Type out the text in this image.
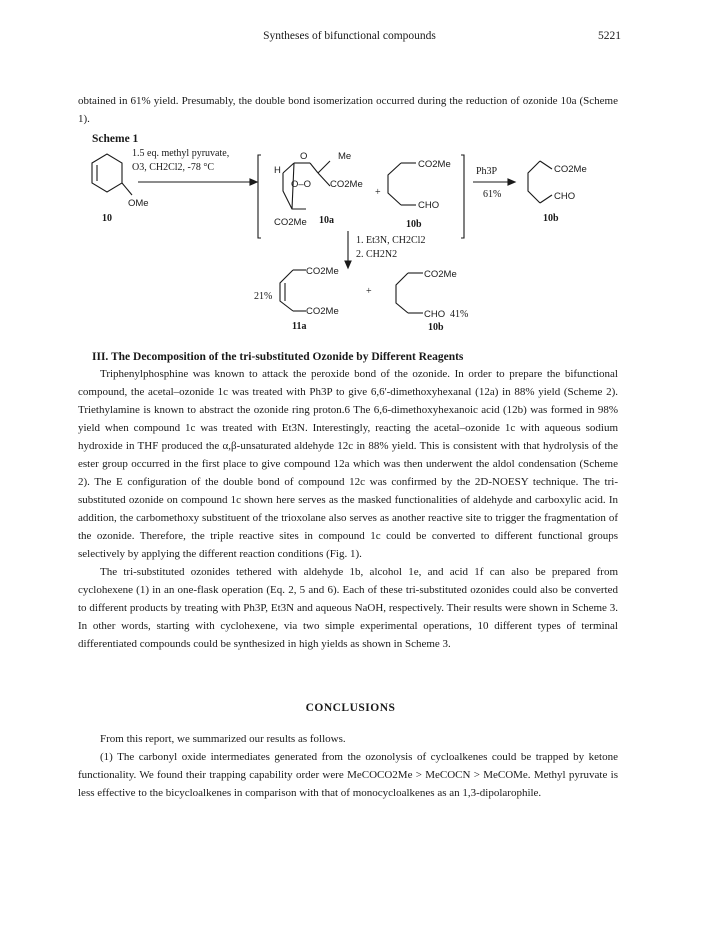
Syntheses of bifunctional compounds	5221

obtained in 61% yield. Presumably, the double bond isomerization occurred during the reduction of ozonide 10a (Scheme 1).

Scheme 1
1.5 eq. methyl pyruvate,
O3, CH2Cl2, -78 °C
OMe
10
Me
O
H
O–O CO2Me
CO2Me 10a
+
CO2Me
CHO
10b
Ph3P
61%
CO2Me
CHO
10b
1. Et3N, CH2Cl2
2. CH2N2
CO2Me
21%
CO2Me
11a
+
CO2Me
CHO 41%
10b
III. The Decomposition of the tri-substituted Ozonide by Different Reagents

Triphenylphosphine was known to attack the peroxide bond of the ozonide. In order to prepare the bifunctional compound, the acetal–ozonide 1c was treated with Ph3P to give 6,6'-dimethoxyhexanal (12a) in 88% yield (Scheme 2). Triethylamine is known to abstract the ozonide ring proton.6 The 6,6-dimethoxyhexanoic acid (12b) was formed in 98% yield when compound 1c was treated with Et3N. Interestingly, reacting the acetal–ozonide 1c with aqueous sodium hydroxide in THF produced the α,β-unsaturated aldehyde 12c in 88% yield. This is consistent with that hydrolysis of the ester group occurred in the first place to give compound 12a which was then underwent the aldol condensation (Scheme 2). The E configuration of the double bond of compound 12c was confirmed by the 2D-NOESY technique. The tri-substituted ozonide on compound 1c shown here serves as the masked functionalities of aldehyde and carboxylic acid. In addition, the carbomethoxy substituent of the trioxolane also serves as another reactive site to trigger the fragmentation of the ozonide. Therefore, the triple reactive sites in compound 1c could be converted to different functional groups selectively by applying the different reaction conditions (Fig. 1).

The tri-substituted ozonides tethered with aldehyde 1b, alcohol 1e, and acid 1f can also be prepared from cyclohexene (1) in an one-flask operation (Eq. 2, 5 and 6). Each of these tri-substituted ozonides could also be converted to different products by treating with Ph3P, Et3N and aqueous NaOH, respectively. Their results were shown in Scheme 3. In other words, starting with cyclohexene, via two simple experimental operations, 10 different types of terminal differentiated compounds could be synthesized in high yields as shown in Scheme 3.

CONCLUSIONS

From this report, we summarized our results as follows.

(1) The carbonyl oxide intermediates generated from the ozonolysis of cycloalkenes could be trapped by ketone functionality. We found their trapping capability order were MeCOCO2Me > MeCOCN > MeCOMe. Methyl pyruvate is less effective to the bicycloalkenes in comparison with that of monocycloalkenes as an 1,3-dipolarophile.
